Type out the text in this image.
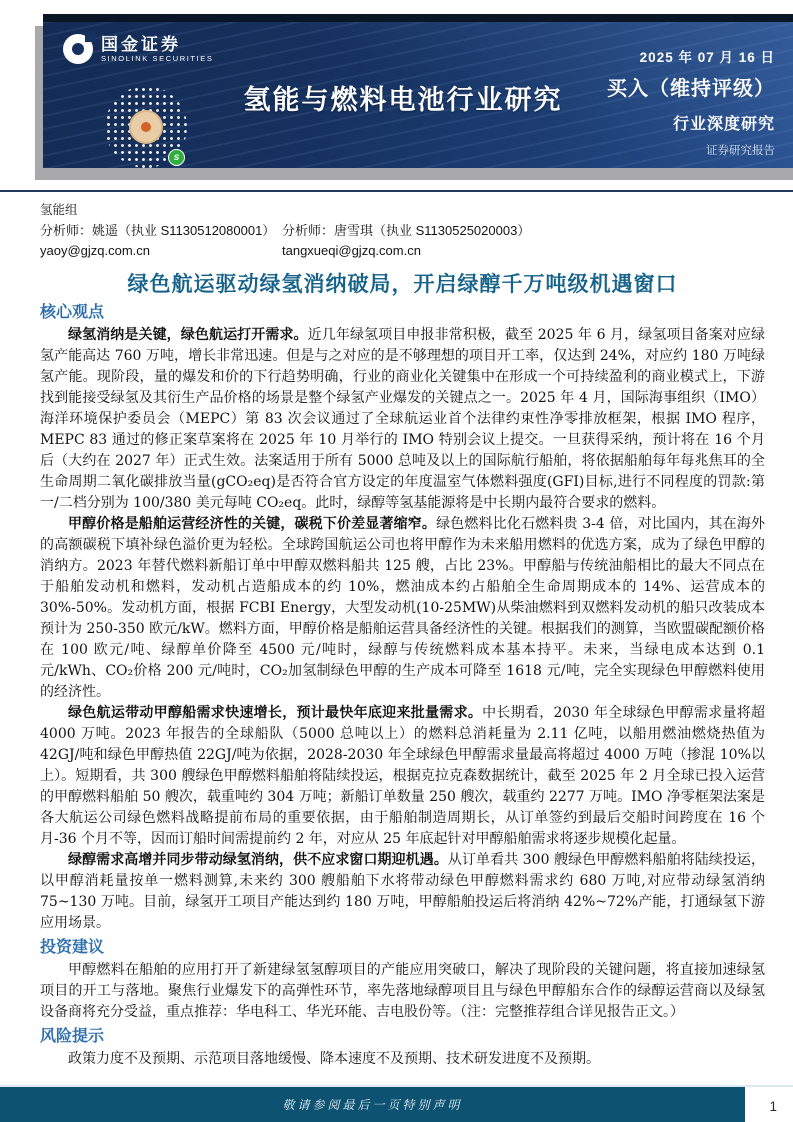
国金证券
SINOLINK SECURITIES	2025 年 07 月 16 日
s
氢能与燃料电池行业研究	买入（维持评级）
行业深度研究
证券研究报告
氢能组
分析师：姚遥（执业 S1130512080001）
yaoy@gjzq.com.cn
分析师：唐雪琪（执业 S1130525020003）
tangxueqi@gjzq.com.cn
绿色航运驱动绿氢消纳破局，开启绿醇千万吨级机遇窗口
核心观点

绿氢消纳是关键，绿色航运打开需求。近几年绿氢项目申报非常积极，截至 2025 年 6 月，绿氢项目备案对应绿氢产能高达 760 万吨，增长非常迅速。但是与之对应的是不够理想的项目开工率，仅达到 24%，对应约 180 万吨绿氢产能。现阶段，量的爆发和价的下行趋势明确，行业的商业化关键集中在形成一个可持续盈利的商业模式上，下游找到能接受绿氢及其衍生产品价格的场景是整个绿氢产业爆发的关键点之一。2025 年 4 月，国际海事组织（IMO）海洋环境保护委员会（MEPC）第 83 次会议通过了全球航运业首个法律约束性净零排放框架，根据 IMO 程序，MEPC 83 通过的修正案草案将在 2025 年 10 月举行的 IMO 特别会议上提交。一旦获得采纳，预计将在 16 个月后（大约在 2027 年）正式生效。法案适用于所有 5000 总吨及以上的国际航行船舶，将依据船舶每年每兆焦耳的全生命周期二氧化碳排放当量(gCO₂eq)是否符合官方设定的年度温室气体燃料强度(GFI)目标,进行不同程度的罚款:第一/二档分别为 100/380 美元每吨 CO₂eq。此时，绿醇等氢基能源将是中长期内最符合要求的燃料。

甲醇价格是船舶运营经济性的关键，碳税下价差显著缩窄。绿色燃料比化石燃料贵 3-4 倍，对比国内，其在海外的高额碳税下填补绿色溢价更为轻松。全球跨国航运公司也将甲醇作为未来船用燃料的优选方案，成为了绿色甲醇的消纳方。2023 年替代燃料新船订单中甲醇双燃料船共 125 艘，占比 23%。甲醇船与传统油船相比的最大不同点在于船舶发动机和燃料，发动机占造船成本的约 10%，燃油成本约占船舶全生命周期成本的 14%、运营成本的 30%-50%。发动机方面，根据 FCBI Energy，大型发动机(10-25MW)从柴油燃料到双燃料发动机的船只改装成本预计为 250-350 欧元/kW。燃料方面，甲醇价格是船舶运营具备经济性的关键。根据我们的测算，当欧盟碳配额价格在 100 欧元/吨、绿醇单价降至 4500 元/吨时，绿醇与传统燃料成本基本持平。未来，当绿电成本达到 0.1 元/kWh、CO₂价格 200 元/吨时，CO₂加氢制绿色甲醇的生产成本可降至 1618 元/吨，完全实现绿色甲醇燃料使用的经济性。

绿色航运带动甲醇船需求快速增长，预计最快年底迎来批量需求。中长期看，2030 年全球绿色甲醇需求量将超 4000 万吨。2023 年报告的全球船队（5000 总吨以上）的燃料总消耗量为 2.11 亿吨，以船用燃油燃烧热值为 42GJ/吨和绿色甲醇热值 22GJ/吨为依据，2028-2030 年全球绿色甲醇需求量最高将超过 4000 万吨（掺混 10%以上）。短期看，共 300 艘绿色甲醇燃料船舶将陆续投运，根据克拉克森数据统计，截至 2025 年 2 月全球已投入运营的甲醇燃料船舶 50 艘次，载重吨约 304 万吨；新船订单数量 250 艘次，载重约 2277 万吨。IMO 净零框架法案是各大航运公司绿色燃料战略提前布局的重要依据，由于船舶制造周期长，从订单签约到最后交船时间跨度在 16 个月-36 个月不等，因而订船时间需提前约 2 年，对应从 25 年底起针对甲醇船舶需求将逐步规模化起量。

绿醇需求高增并同步带动绿氢消纳，供不应求窗口期迎机遇。从订单看共 300 艘绿色甲醇燃料船舶将陆续投运，以甲醇消耗量按单一燃料测算,未来约 300 艘船舶下水将带动绿色甲醇燃料需求约 680 万吨,对应带动绿氢消纳 75~130 万吨。目前，绿氢开工项目产能达到约 180 万吨，甲醇船舶投运后将消纳 42%~72%产能，打通绿氢下游应用场景。

投资建议

甲醇燃料在船舶的应用打开了新建绿氢氢醇项目的产能应用突破口，解决了现阶段的关键问题，将直接加速绿氢项目的开工与落地。聚焦行业爆发下的高弹性环节，率先落地绿醇项目且与绿色甲醇船东合作的绿醇运营商以及绿氢设备商将充分受益，重点推荐：华电科工、华光环能、吉电股份等。（注：完整推荐组合详见报告正文。）

风险提示

政策力度不及预期、示范项目落地缓慢、降本速度不及预期、技术研发进度不及预期。

敬请参阅最后一页特别声明	1
